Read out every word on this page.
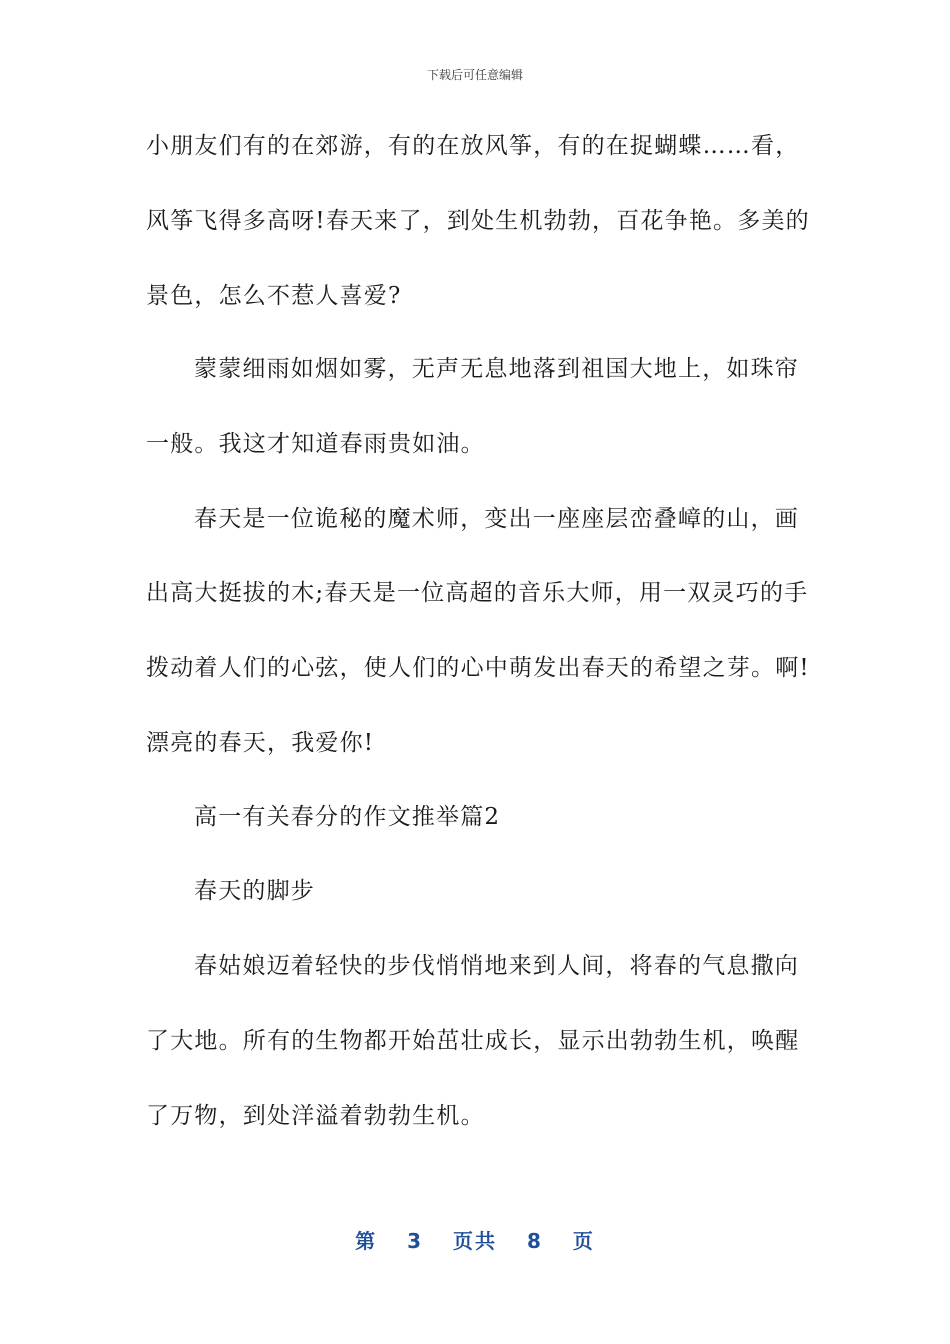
下载后可任意编辑
小朋友们有的在郊游，有的在放风筝，有的在捉蝴蝶……看，
风筝飞得多高呀!春天来了，到处生机勃勃，百花争艳。多美的
景色，怎么不惹人喜爱?
蒙蒙细雨如烟如雾，无声无息地落到祖国大地上，如珠帘
一般。我这才知道春雨贵如油。
春天是一位诡秘的魔术师，变出一座座层峦叠嶂的山，画
出高大挺拔的木;春天是一位高超的音乐大师，用一双灵巧的手
拨动着人们的心弦，使人们的心中萌发出春天的希望之芽。啊!
漂亮的春天，我爱你!
高一有关春分的作文推举篇2
春天的脚步
春姑娘迈着轻快的步伐悄悄地来到人间，将春的气息撒向
了大地。所有的生物都开始茁壮成长，显示出勃勃生机，唤醒
了万物，到处洋溢着勃勃生机。
第 3 页共 8 页
